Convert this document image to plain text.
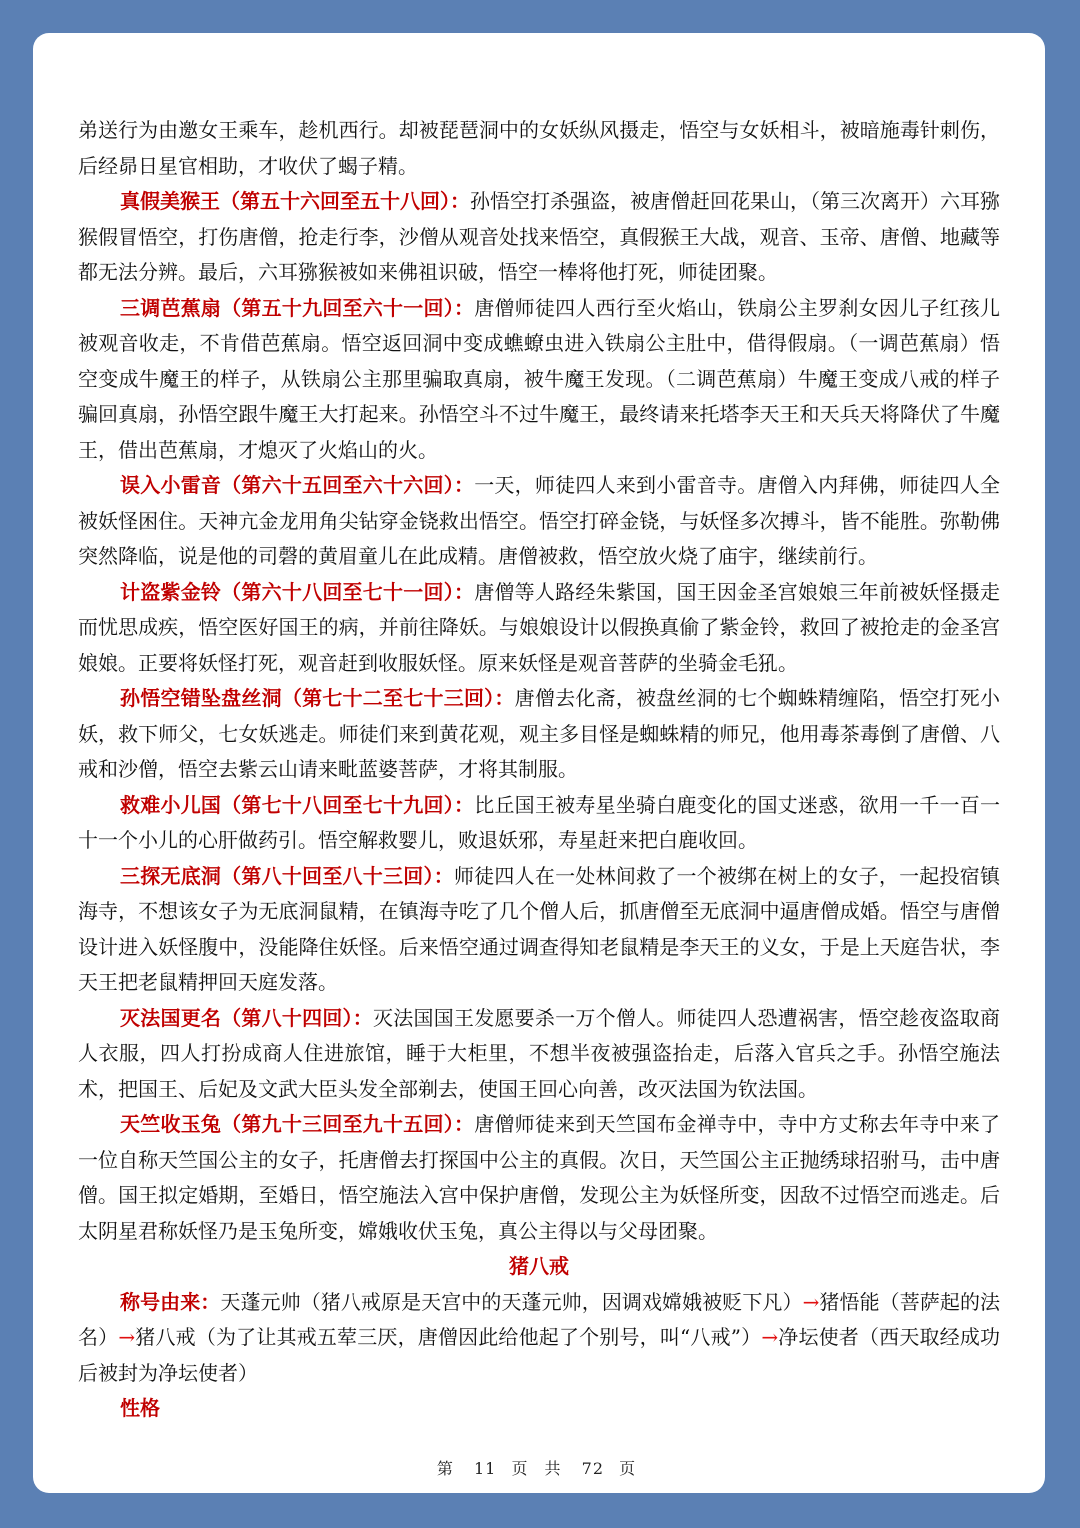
弟送行为由邀女王乘车，趁机西行。却被琵琶洞中的女妖纵风摄走，悟空与女妖相斗，被暗施毒针刺伤，后经昴日星官相助，才收伏了蝎子精。

真假美猴王（第五十六回至五十八回）：孙悟空打杀强盗，被唐僧赶回花果山，（第三次离开）六耳猕猴假冒悟空，打伤唐僧，抢走行李，沙僧从观音处找来悟空，真假猴王大战，观音、玉帝、唐僧、地藏等都无法分辨。最后，六耳猕猴被如来佛祖识破，悟空一棒将他打死，师徒团聚。

三调芭蕉扇（第五十九回至六十一回）：唐僧师徒四人西行至火焰山，铁扇公主罗刹女因儿子红孩儿被观音收走，不肯借芭蕉扇。悟空返回洞中变成蟭蟟虫进入铁扇公主肚中，借得假扇。（一调芭蕉扇）悟空变成牛魔王的样子，从铁扇公主那里骗取真扇，被牛魔王发现。（二调芭蕉扇）牛魔王变成八戒的样子骗回真扇，孙悟空跟牛魔王大打起来。孙悟空斗不过牛魔王，最终请来托塔李天王和天兵天将降伏了牛魔王，借出芭蕉扇，才熄灭了火焰山的火。

误入小雷音（第六十五回至六十六回）：一天，师徒四人来到小雷音寺。唐僧入内拜佛，师徒四人全被妖怪困住。天神亢金龙用角尖钻穿金铙救出悟空。悟空打碎金铙，与妖怪多次搏斗，皆不能胜。弥勒佛突然降临，说是他的司磬的黄眉童儿在此成精。唐僧被救，悟空放火烧了庙宇，继续前行。

计盗紫金铃（第六十八回至七十一回）：唐僧等人路经朱紫国，国王因金圣宫娘娘三年前被妖怪摄走而忧思成疾，悟空医好国王的病，并前往降妖。与娘娘设计以假换真偷了紫金铃，救回了被抢走的金圣宫娘娘。正要将妖怪打死，观音赶到收服妖怪。原来妖怪是观音菩萨的坐骑金毛犼。

孙悟空错坠盘丝洞（第七十二至七十三回）：唐僧去化斋，被盘丝洞的七个蜘蛛精缠陷，悟空打死小妖，救下师父，七女妖逃走。师徒们来到黄花观，观主多目怪是蜘蛛精的师兄，他用毒茶毒倒了唐僧、八戒和沙僧，悟空去紫云山请来毗蓝婆菩萨，才将其制服。

救难小儿国（第七十八回至七十九回）：比丘国王被寿星坐骑白鹿变化的国丈迷惑，欲用一千一百一十一个小儿的心肝做药引。悟空解救婴儿，败退妖邪，寿星赶来把白鹿收回。

三探无底洞（第八十回至八十三回）：师徒四人在一处林间救了一个被绑在树上的女子，一起投宿镇海寺，不想该女子为无底洞鼠精，在镇海寺吃了几个僧人后，抓唐僧至无底洞中逼唐僧成婚。悟空与唐僧设计进入妖怪腹中，没能降住妖怪。后来悟空通过调查得知老鼠精是李天王的义女，于是上天庭告状，李天王把老鼠精押回天庭发落。

灭法国更名（第八十四回）：灭法国国王发愿要杀一万个僧人。师徒四人恐遭祸害，悟空趁夜盗取商人衣服，四人打扮成商人住进旅馆，睡于大柜里，不想半夜被强盗抬走，后落入官兵之手。孙悟空施法术，把国王、后妃及文武大臣头发全部剃去，使国王回心向善，改灭法国为钦法国。

天竺收玉兔（第九十三回至九十五回）：唐僧师徒来到天竺国布金禅寺中，寺中方丈称去年寺中来了一位自称天竺国公主的女子，托唐僧去打探国中公主的真假。次日，天竺国公主正抛绣球招驸马，击中唐僧。国王拟定婚期，至婚日，悟空施法入宫中保护唐僧，发现公主为妖怪所变，因敌不过悟空而逃走。后太阴星君称妖怪乃是玉兔所变，嫦娥收伏玉兔，真公主得以与父母团聚。

猪八戒

称号由来：天蓬元帅（猪八戒原是天宫中的天蓬元帅，因调戏嫦娥被贬下凡）→猪悟能（菩萨起的法名）→猪八戒（为了让其戒五荤三厌，唐僧因此给他起了个别号，叫“八戒”）→净坛使者（西天取经成功后被封为净坛使者）

性格

第 11 页 共 72 页
